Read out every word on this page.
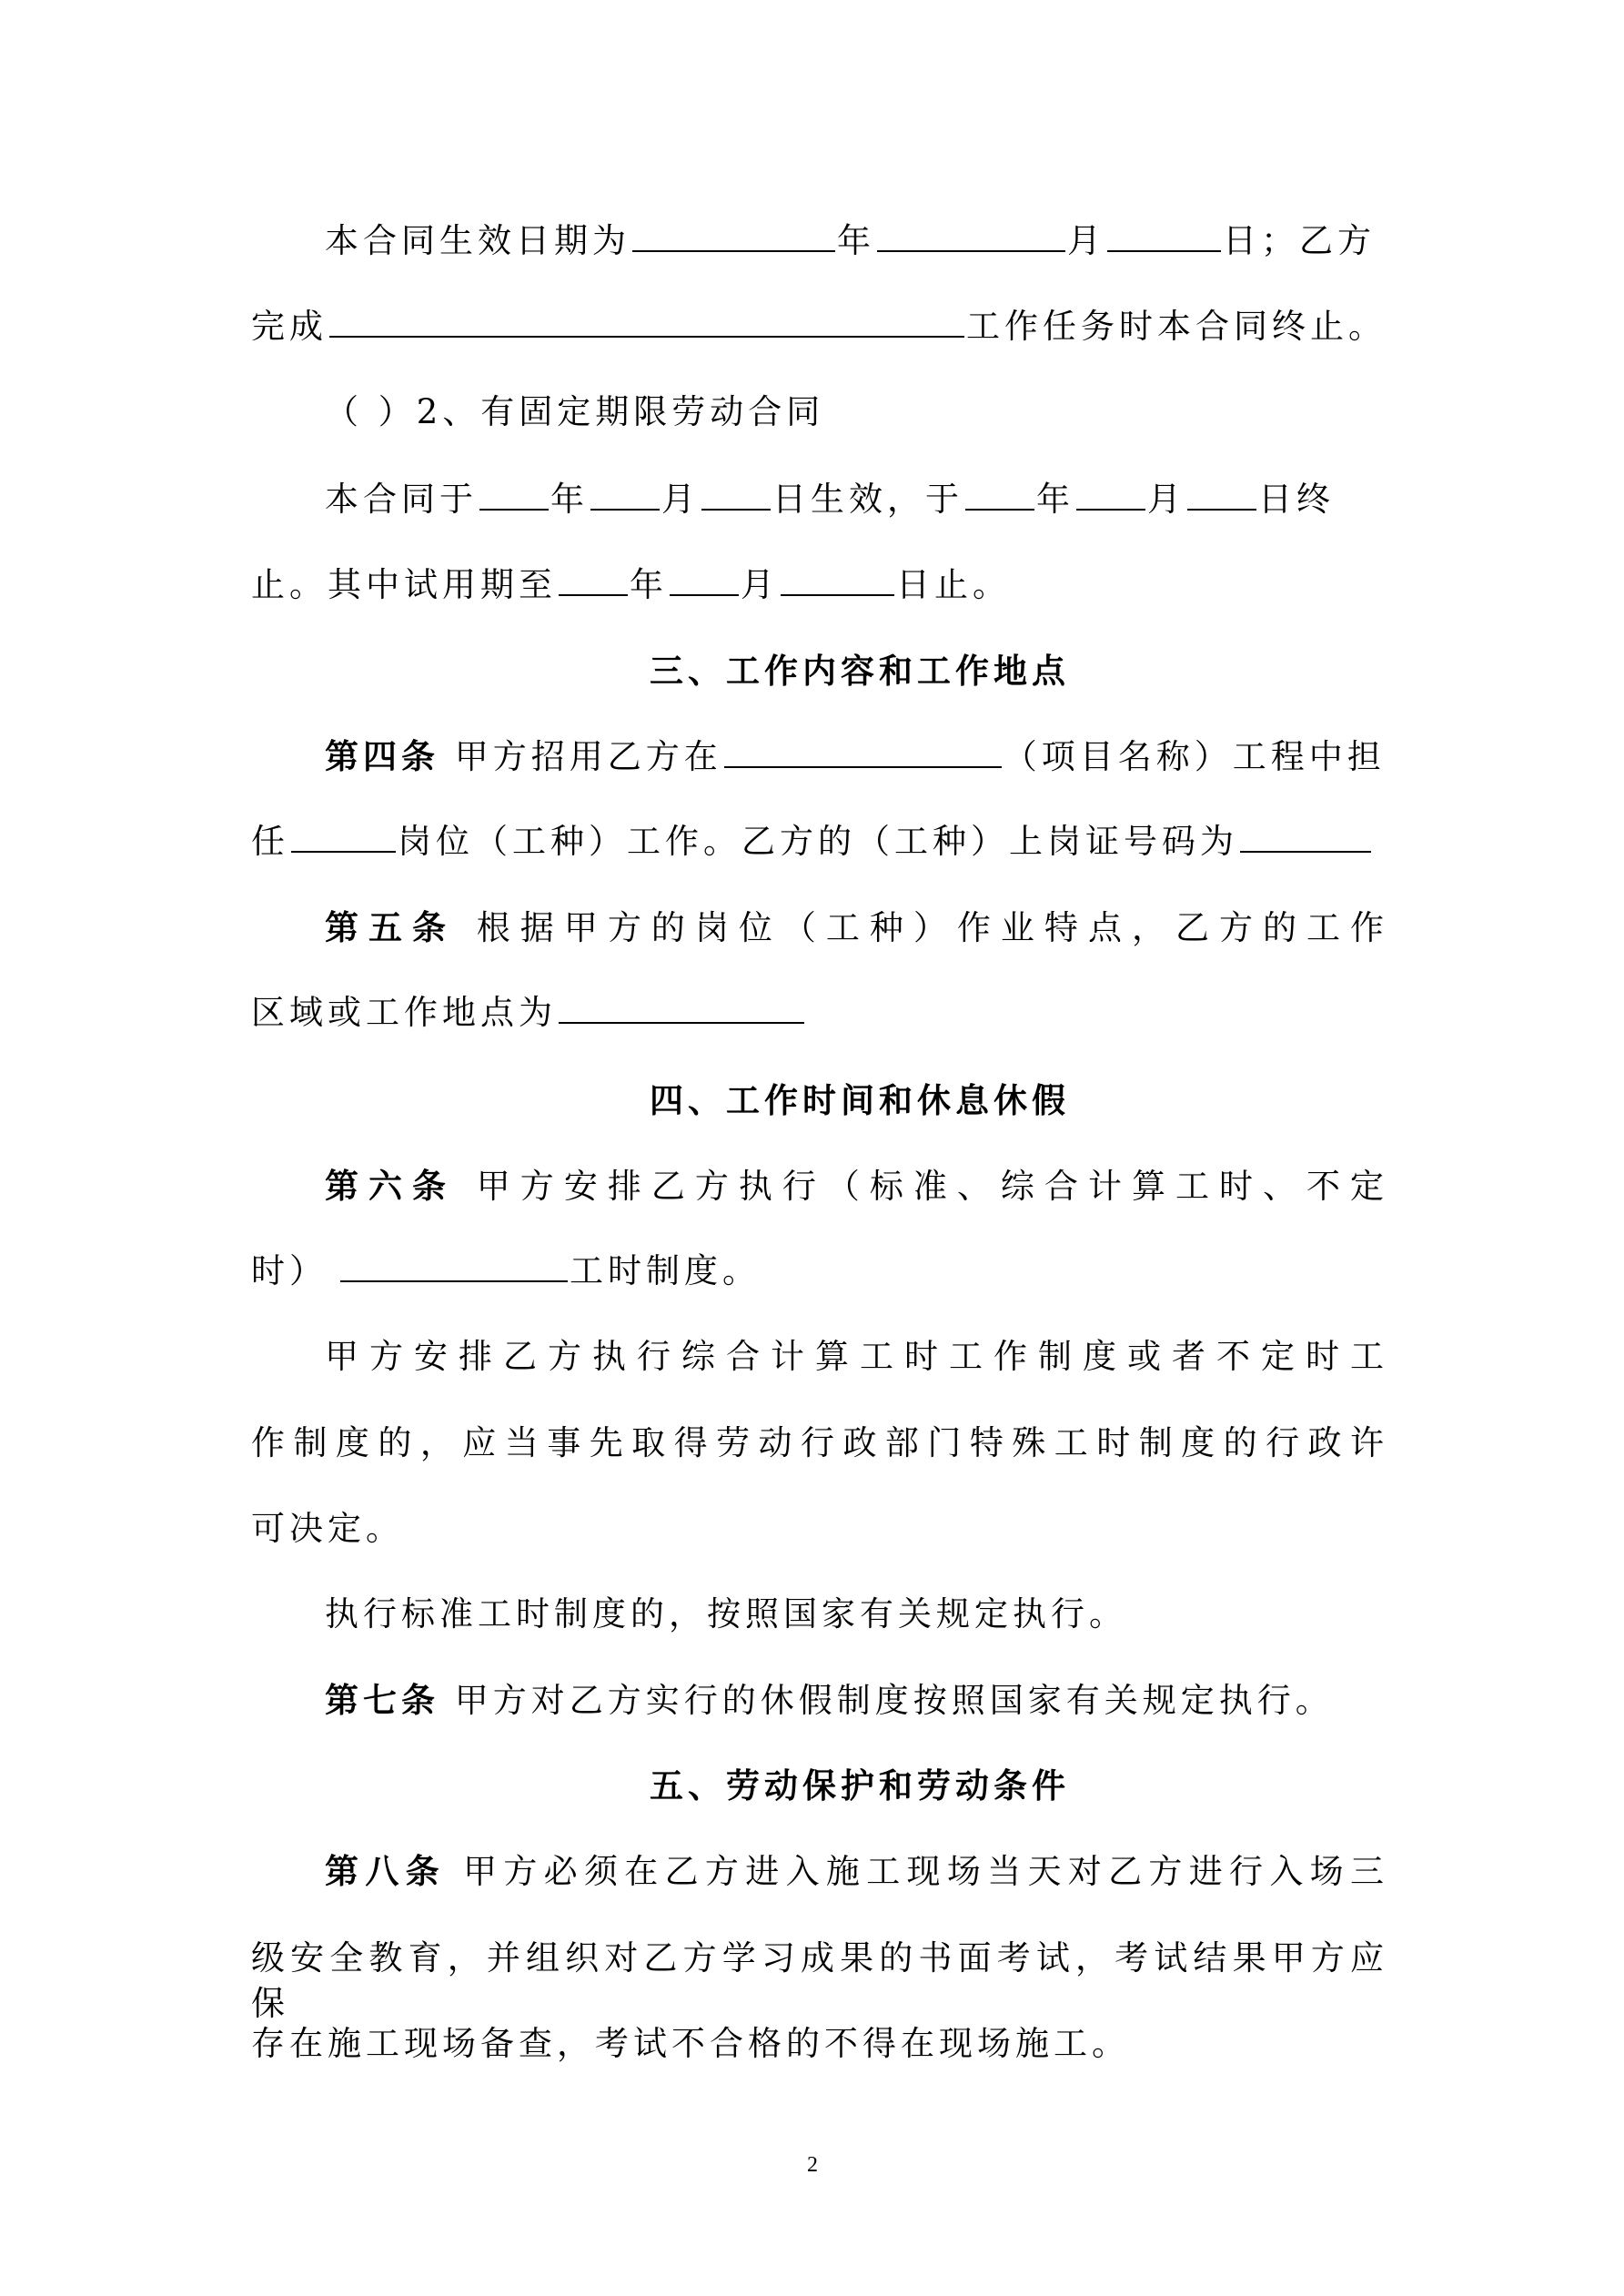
本合同生效日期为	年	月	日；乙方
完成	工作任务时本合同终止。
（ ）2、有固定期限劳动合同
本合同于 年 月 日生效，于 年 月 日终
止。其中试用期至 年 月	日止。
三、工作内容和工作地点
第四条 甲方招用乙方在	（项目名称）工程中担
任	岗位（工种）工作。乙方的（工种）上岗证号码为
第五条 根据甲方的岗位（工种）作业特点，乙方的工作
区域或工作地点为
四、工作时间和休息休假
第六条 甲方安排乙方执行（标准、综合计算工时、不定
时）	工时制度。
甲方安排乙方执行综合计算工时工作制度或者不定时工
作制度的，应当事先取得劳动行政部门特殊工时制度的行政许
可决定。
执行标准工时制度的，按照国家有关规定执行。
第七条 甲方对乙方实行的休假制度按照国家有关规定执行。
五、劳动保护和劳动条件
第八条 甲方必须在乙方进入施工现场当天对乙方进行入场三
级安全教育，并组织对乙方学习成果的书面考试，考试结果甲方应保
存在施工现场备查，考试不合格的不得在现场施工。
2
